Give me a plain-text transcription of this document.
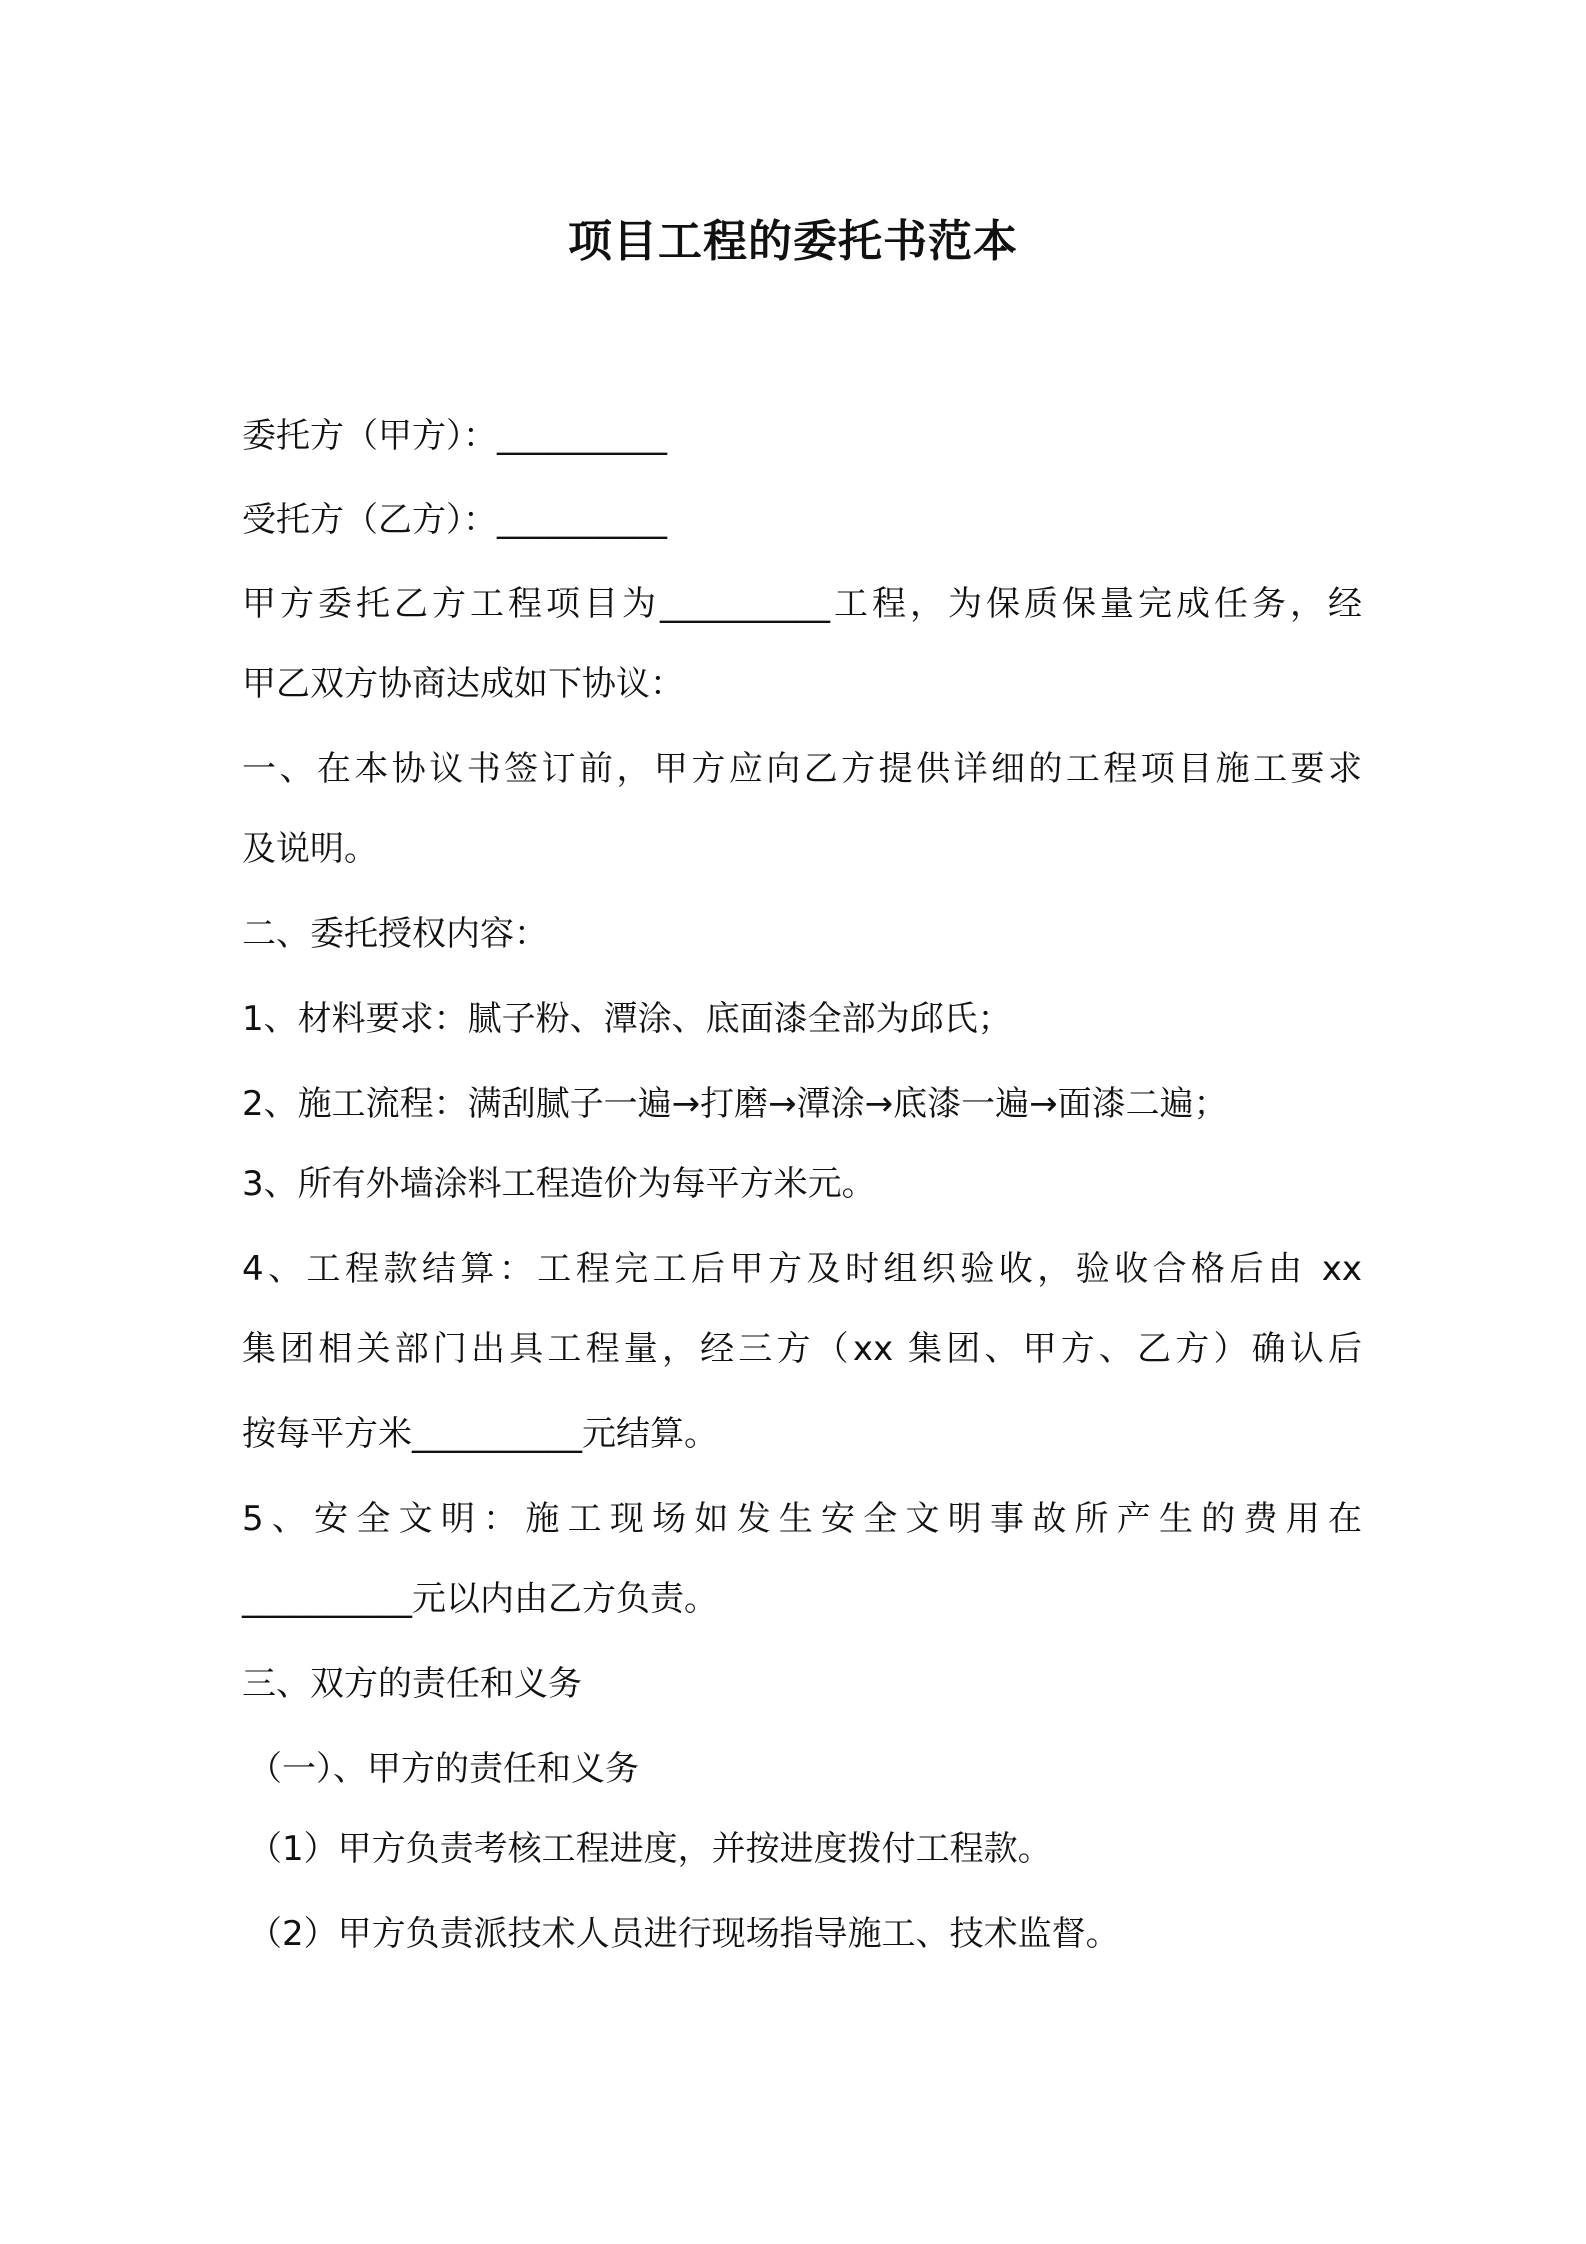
项目工程的委托书范本
委托方（甲方）：__________
受托方（乙方）：__________
甲方委托乙方工程项目为__________工程，为保质保量完成任务，经
甲乙双方协商达成如下协议：
一、在本协议书签订前，甲方应向乙方提供详细的工程项目施工要求
及说明。
二、委托授权内容：
1、材料要求：腻子粉、潭涂、底面漆全部为邱氏；
2、施工流程：满刮腻子一遍→打磨→潭涂→底漆一遍→面漆二遍；
3、所有外墙涂料工程造价为每平方米元。
4、工程款结算：工程完工后甲方及时组织验收，验收合格后由 xx
集团相关部门出具工程量，经三方（xx 集团、甲方、乙方）确认后
按每平方米__________元结算。
5、安全文明：施工现场如发生安全文明事故所产生的费用在
__________元以内由乙方负责。
三、双方的责任和义务
（一）、甲方的责任和义务
（1）甲方负责考核工程进度，并按进度拨付工程款。
（2）甲方负责派技术人员进行现场指导施工、技术监督。
